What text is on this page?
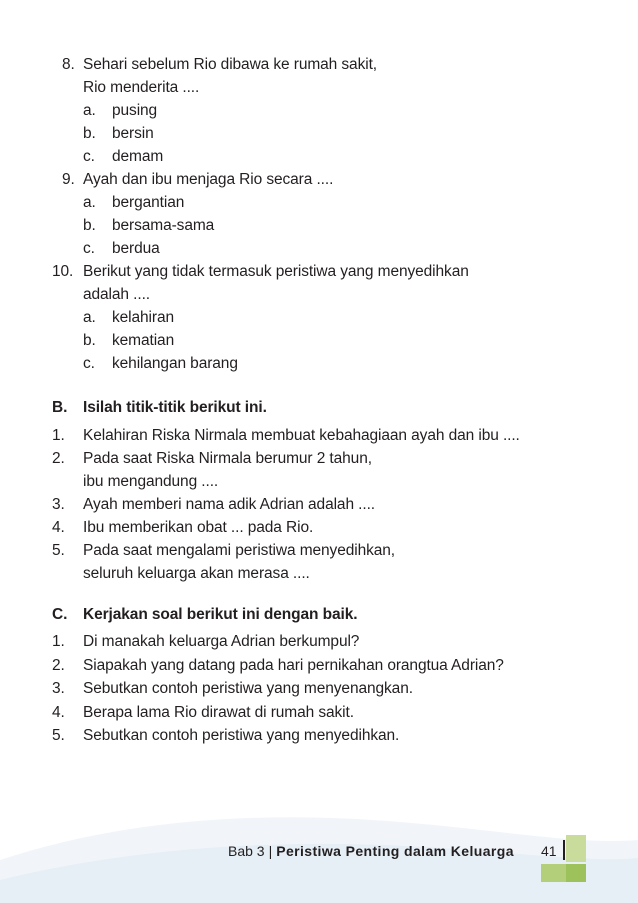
8. Sehari sebelum Rio dibawa ke rumah sakit,
Rio menderita ....
a. pusing
b. bersin
c. demam
9. Ayah dan ibu menjaga Rio secara ....
a. bergantian
b. bersama-sama
c. berdua
10. Berikut yang tidak termasuk peristiwa yang menyedihkan
adalah ....
a. kelahiran
b. kematian
c. kehilangan barang
B. Isilah titik-titik berikut ini.
1. Kelahiran Riska Nirmala membuat kebahagiaan ayah dan ibu ....
2. Pada saat Riska Nirmala berumur 2 tahun,
ibu mengandung ....
3. Ayah memberi nama adik Adrian adalah ....
4. Ibu memberikan obat ... pada Rio.
5. Pada saat mengalami peristiwa menyedihkan,
seluruh keluarga akan merasa ....
C. Kerjakan soal berikut ini dengan baik.
1. Di manakah keluarga Adrian berkumpul?
2. Siapakah yang datang pada hari pernikahan orangtua Adrian?
3. Sebutkan contoh peristiwa yang menyenangkan.
4. Berapa lama Rio dirawat di rumah sakit.
5. Sebutkan contoh peristiwa yang menyedihkan.
Bab 3 | Peristiwa Penting dalam Keluarga 41
